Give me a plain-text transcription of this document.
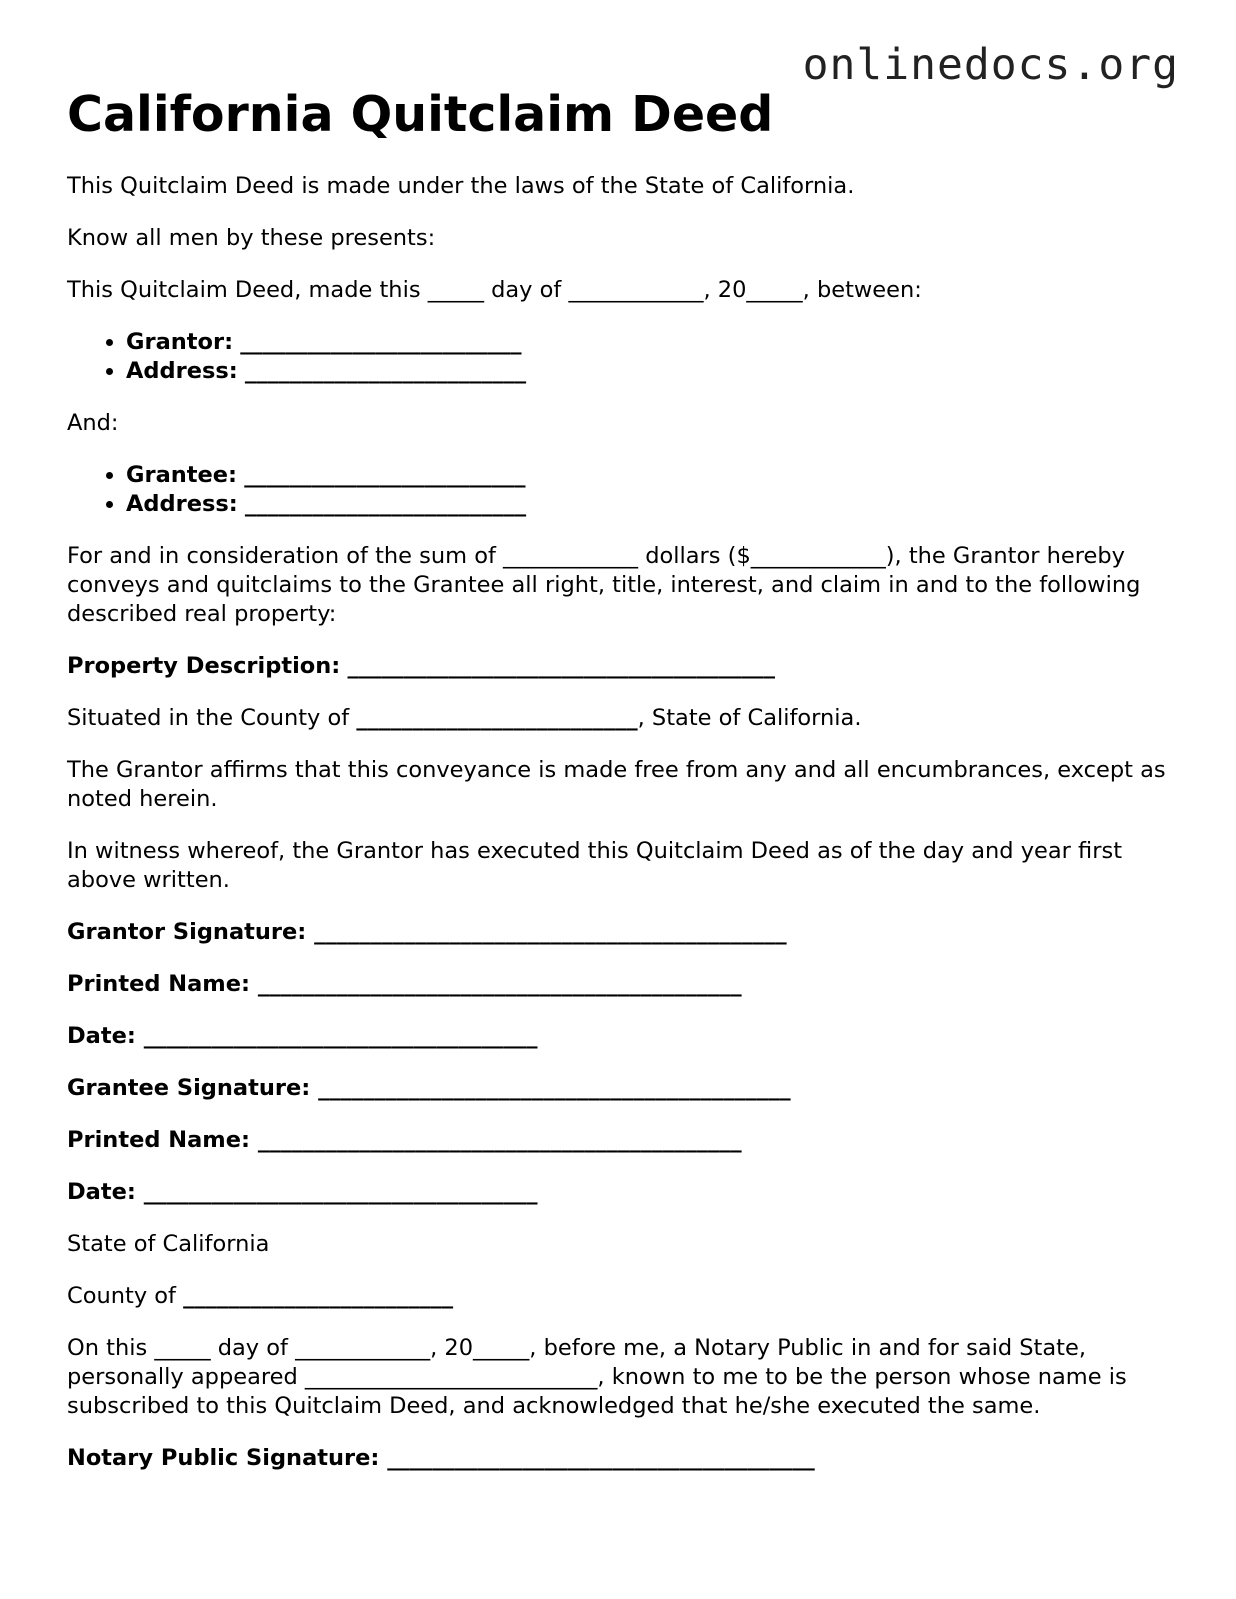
onlinedocs.org
California Quitclaim Deed

This Quitclaim Deed is made under the laws of the State of California.

Know all men by these presents:

This Quitclaim Deed, made this _____ day of ____________, 20_____, between:

• Grantor: _________________________
• Address: _________________________

And:

• Grantee: _________________________
• Address: _________________________

For and in consideration of the sum of ____________ dollars ($____________), the Grantor hereby conveys and quitclaims to the Grantee all right, title, interest, and claim in and to the following described real property:

Property Description: ______________________________________

Situated in the County of _________________________, State of California.

The Grantor affirms that this conveyance is made free from any and all encumbrances, except as noted herein.

In witness whereof, the Grantor has executed this Quitclaim Deed as of the day and year first above written.

Grantor Signature: __________________________________________

Printed Name: ___________________________________________

Date: ___________________________________

Grantee Signature: __________________________________________

Printed Name: ___________________________________________

Date: ___________________________________

State of California

County of ________________________

On this _____ day of ____________, 20_____, before me, a Notary Public in and for said State, personally appeared __________________________, known to me to be the person whose name is subscribed to this Quitclaim Deed, and acknowledged that he/she executed the same.

Notary Public Signature: ______________________________________
